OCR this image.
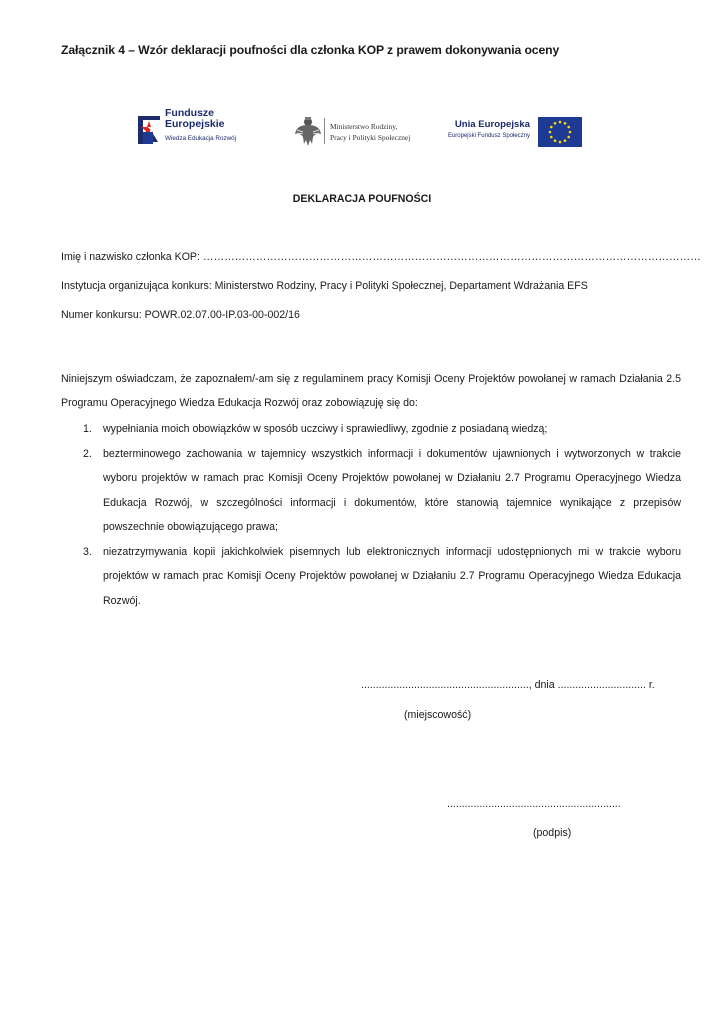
Załącznik 4 – Wzór deklaracji poufności dla członka KOP z prawem dokonywania oceny
Fundusze
Europejskie
Wiedza Edukacja Rozwój
Ministerstwo Rodziny,
Pracy i Polityki Społecznej
Unia Europejska
Europejski Fundusz Społeczny
DEKLARACJA POUFNOŚCI
Imię i nazwisko członka KOP: ……………………………………………………………………………………………………………………………
Instytucja organizująca konkurs: Ministerstwo Rodziny, Pracy i Polityki Społecznej, Departament Wdrażania EFS
Numer konkursu: POWR.02.07.00-IP.03-00-002/16
Niniejszym oświadczam, że zapoznałem/-am się z regulaminem pracy Komisji Oceny Projektów powołanej w ramach Działania 2.5 Programu Operacyjnego Wiedza Edukacja Rozwój oraz zobowiązuję się do:
1. wypełniania moich obowiązków w sposób uczciwy i sprawiedliwy, zgodnie z posiadaną wiedzą;
2. bezterminowego zachowania w tajemnicy wszystkich informacji i dokumentów ujawnionych i wytworzonych w trakcie wyboru projektów w ramach prac Komisji Oceny Projektów powołanej w Działaniu 2.7 Programu Operacyjnego Wiedza Edukacja Rozwój, w szczególności informacji i dokumentów, które stanowią tajemnice wynikające z przepisów powszechnie obowiązującego prawa;
3. niezatrzymywania kopii jakichkolwiek pisemnych lub elektronicznych informacji udostępnionych mi w trakcie wyboru projektów w ramach prac Komisji Oceny Projektów powołanej w Działaniu 2.7 Programu Operacyjnego Wiedza Edukacja Rozwój.
........................................................., dnia .............................. r.
(miejscowość)
...........................................................
(podpis)
